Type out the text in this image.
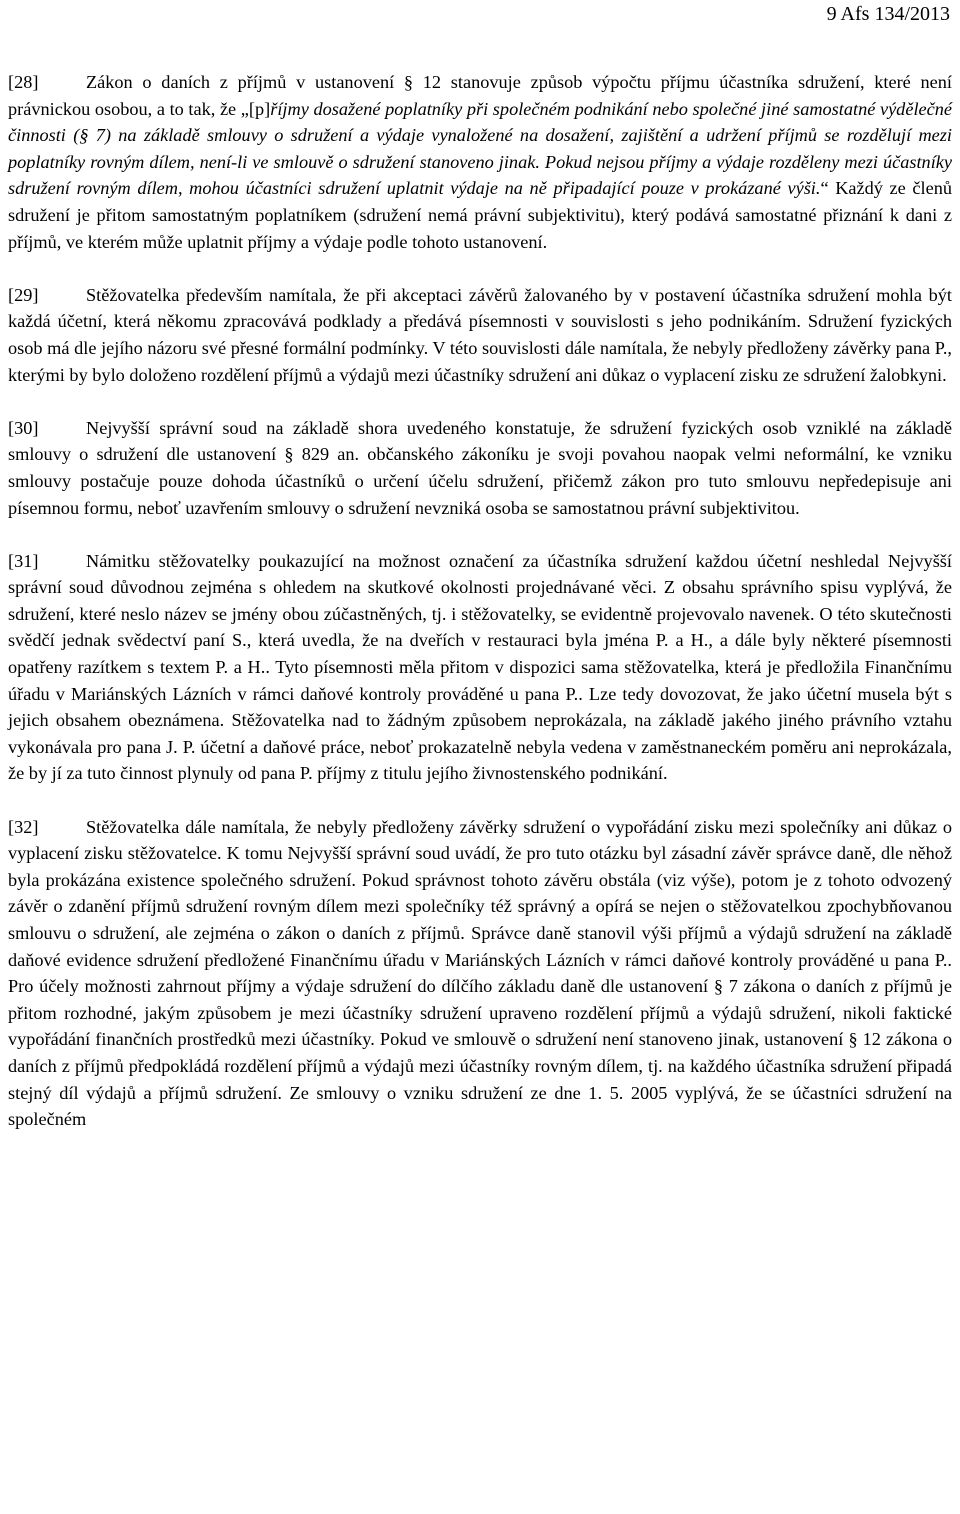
9 Afs 134/2013

[28]	Zákon o daních z příjmů v ustanovení § 12 stanovuje způsob výpočtu příjmu účastníka sdružení, které není právnickou osobou, a to tak, že „[p]říjmy dosažené poplatníky při společném podnikání nebo společné jiné samostatné výdělečné činnosti (§ 7) na základě smlouvy o sdružení a výdaje vynaložené na dosažení, zajištění a udržení příjmů se rozdělují mezi poplatníky rovným dílem, není-li ve smlouvě o sdružení stanoveno jinak. Pokud nejsou příjmy a výdaje rozděleny mezi účastníky sdružení rovným dílem, mohou účastníci sdružení uplatnit výdaje na ně připadající pouze v prokázané výši.“ Každý ze členů sdružení je přitom samostatným poplatníkem (sdružení nemá právní subjektivitu), který podává samostatné přiznání k dani z příjmů, ve kterém může uplatnit příjmy a výdaje podle tohoto ustanovení.

[29]	Stěžovatelka především namítala, že při akceptaci závěrů žalovaného by v postavení účastníka sdružení mohla být každá účetní, která někomu zpracovává podklady a předává písemnosti v souvislosti s jeho podnikáním. Sdružení fyzických osob má dle jejího názoru své přesné formální podmínky. V této souvislosti dále namítala, že nebyly předloženy závěrky pana P., kterými by bylo doloženo rozdělení příjmů a výdajů mezi účastníky sdružení ani důkaz o vyplacení zisku ze sdružení žalobkyni.

[30]	Nejvyšší správní soud na základě shora uvedeného konstatuje, že sdružení fyzických osob vzniklé na základě smlouvy o sdružení dle ustanovení § 829 an. občanského zákoníku je svoji povahou naopak velmi neformální, ke vzniku smlouvy postačuje pouze dohoda účastníků o určení účelu sdružení, přičemž zákon pro tuto smlouvu nepředepisuje ani písemnou formu, neboť uzavřením smlouvy o sdružení nevzniká osoba se samostatnou právní subjektivitou.

[31]	Námitku stěžovatelky poukazující na možnost označení za účastníka sdružení každou účetní neshledal Nejvyšší správní soud důvodnou zejména s ohledem na skutkové okolnosti projednávané věci. Z obsahu správního spisu vyplývá, že sdružení, které neslo název se jmény obou zúčastněných, tj. i stěžovatelky, se evidentně projevovalo navenek. O této skutečnosti svědčí jednak svědectví paní S., která uvedla, že na dveřích v restauraci byla jména P. a H., a dále byly některé písemnosti opatřeny razítkem s textem P. a H.. Tyto písemnosti měla přitom v dispozici sama stěžovatelka, která je předložila Finančnímu úřadu v Mariánských Lázních v rámci daňové kontroly prováděné u pana P.. Lze tedy dovozovat, že jako účetní musela být s jejich obsahem obeznámena. Stěžovatelka nad to žádným způsobem neprokázala, na základě jakého jiného právního vztahu vykonávala pro pana J. P. účetní a daňové práce, neboť prokazatelně nebyla vedena v zaměstnaneckém poměru ani neprokázala, že by jí za tuto činnost plynuly od pana P. příjmy z titulu jejího živnostenského podnikání.

[32]	Stěžovatelka dále namítala, že nebyly předloženy závěrky sdružení o vypořádání zisku mezi společníky ani důkaz o vyplacení zisku stěžovatelce. K tomu Nejvyšší správní soud uvádí, že pro tuto otázku byl zásadní závěr správce daně, dle něhož byla prokázána existence společného sdružení. Pokud správnost tohoto závěru obstála (viz výše), potom je z tohoto odvozený závěr o zdanění příjmů sdružení rovným dílem mezi společníky též správný a opírá se nejen o stěžovatelkou zpochybňovanou smlouvu o sdružení, ale zejména o zákon o daních z příjmů. Správce daně stanovil výši příjmů a výdajů sdružení na základě daňové evidence sdružení předložené Finančnímu úřadu v Mariánských Lázních v rámci daňové kontroly prováděné u pana P.. Pro účely možnosti zahrnout příjmy a výdaje sdružení do dílčího základu daně dle ustanovení § 7 zákona o daních z příjmů je přitom rozhodné, jakým způsobem je mezi účastníky sdružení upraveno rozdělení příjmů a výdajů sdružení, nikoli faktické vypořádání finančních prostředků mezi účastníky. Pokud ve smlouvě o sdružení není stanoveno jinak, ustanovení § 12 zákona o daních z příjmů předpokládá rozdělení příjmů a výdajů mezi účastníky rovným dílem, tj. na každého účastníka sdružení připadá stejný díl výdajů a příjmů sdružení. Ze smlouvy o vzniku sdružení ze dne 1. 5. 2005 vyplývá, že se účastníci sdružení na společném
